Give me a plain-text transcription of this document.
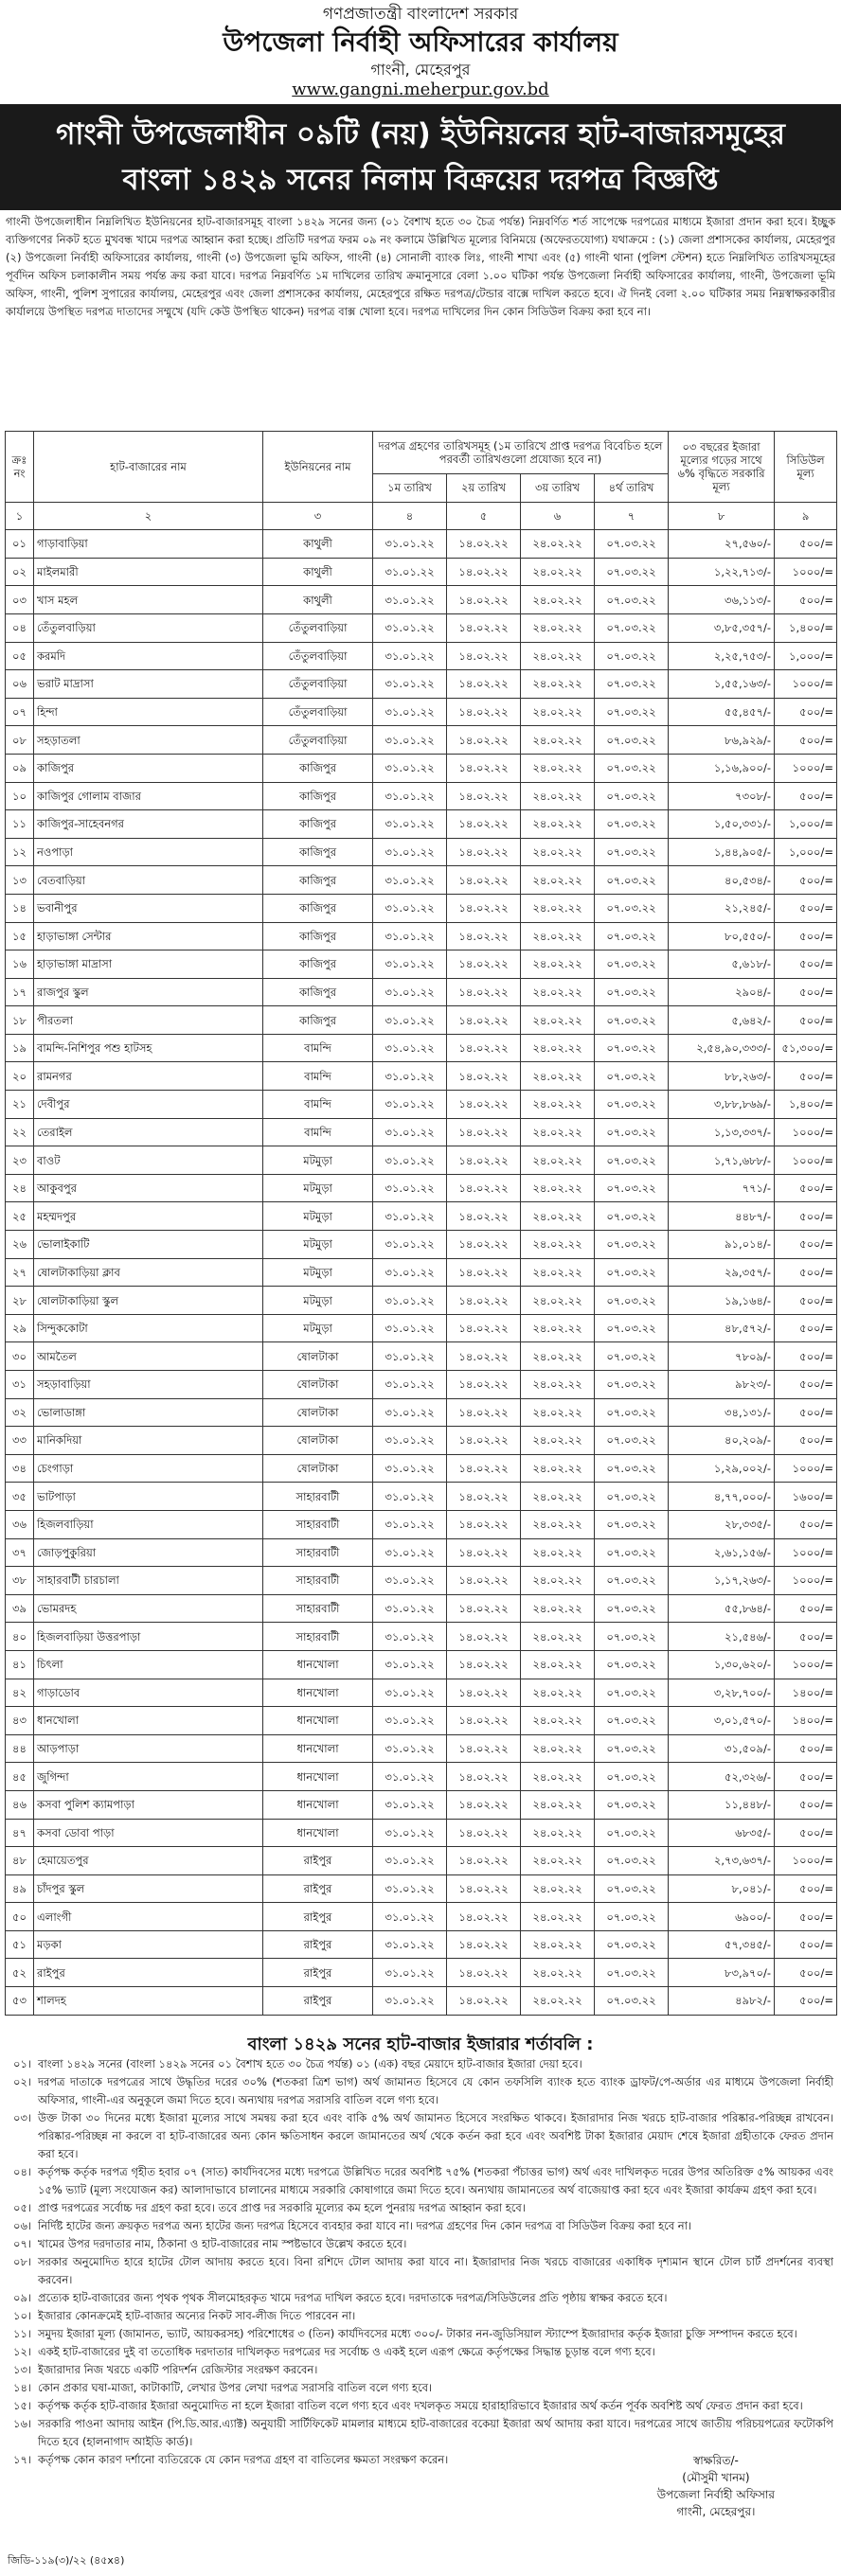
গণপ্রজাতন্ত্রী বাংলাদেশ সরকার
উপজেলা নির্বাহী অফিসারের কার্যালয়
গাংনী, মেহেরপুর
www.gangni.meherpur.gov.bd
গাংনী উপজেলাধীন ০৯টি (নয়) ইউনিয়নের হাট-বাজারসমূহের
বাংলা ১৪২৯ সনের নিলাম বিক্রয়ের দরপত্র বিজ্ঞপ্তি
গাংনী উপজেলাধীন নিম্নলিখিত ইউনিয়নের হাট-বাজারসমূহ বাংলা ১৪২৯ সনের জন্য (০১ বৈশাখ হতে ৩০ চৈত্র পর্যন্ত) নিম্নবর্ণিত শর্ত সাপেক্ষে দরপত্রের মাধ্যমে ইজারা প্রদান করা হবে। ইচ্ছুক ব্যক্তিগণের নিকট হতে মুখবন্ধ খামে দরপত্র আহ্বান করা হচ্ছে। প্রতিটি দরপত্র ফরম ০৯ নং কলামে উল্লিখিত মূল্যের বিনিময়ে (অফেরতযোগ্য) যথাক্রমে : (১) জেলা প্রশাসকের কার্যালয়, মেহেরপুর (২) উপজেলা নির্বাহী অফিসারের কার্যালয়, গাংনী (৩) উপজেলা ভূমি অফিস, গাংনী (৪) সোনালী ব্যাংক লিঃ, গাংনী শাখা এবং (৫) গাংনী থানা (পুলিশ স্টেশন) হতে নিম্নলিখিত তারিখসমূহের পূর্বদিন অফিস চলাকালীন সময় পর্যন্ত ক্রয় করা যাবে। দরপত্র নিম্নবর্ণিত ১ম দাখিলের তারিখ ক্রমানুসারে বেলা ১.০০ ঘটিকা পর্যন্ত উপজেলা নির্বাহী অফিসারের কার্যালয়, গাংনী, উপজেলা ভূমি অফিস, গাংনী, পুলিশ সুপারের কার্যালয়, মেহেরপুর এবং জেলা প্রশাসকের কার্যালয়, মেহেরপুরে রক্ষিত দরপত্র/টেন্ডার বাক্সে দাখিল করতে হবে। ঐ দিনই বেলা ২.০০ ঘটিকার সময় নিম্নস্বাক্ষরকারীর কার্যালয়ে উপস্থিত দরপত্র দাতাদের সম্মুখে (যদি কেউ উপস্থিত থাকেন) দরপত্র বাক্স খোলা হবে। দরপত্র দাখিলের দিন কোন সিডিউল বিক্রয় করা হবে না।
ক্রঃ নং	হাট-বাজারের নাম	ইউনিয়নের নাম	দরপত্র গ্রহণের তারিখসমূহ (১ম তারিখে প্রাপ্ত দরপত্র বিবেচিত হলে পরবর্তী তারিখগুলো প্রযোজ্য হবে না)				০৩ বছরের ইজারা মূল্যের গড়ের সাথে ৬% বৃদ্ধিতে সরকারি মূল্য	সিডিউল মূল্য
			১ম তারিখ	২য় তারিখ	৩য় তারিখ	৪র্থ তারিখ		
১	২	৩	৪	৫	৬	৭	৮	৯
০১	গাড়াবাড়িয়া	কাথুলী	৩১.০১.২২	১৪.০২.২২	২৪.০২.২২	০৭.০৩.২২	২৭,৫৬০/-	৫০০/=
০২	মাইলমারী	কাথুলী	৩১.০১.২২	১৪.০২.২২	২৪.০২.২২	০৭.০৩.২২	১,২২,৭১৩/-	১০০০/=
০৩	খাস মহল	কাথুলী	৩১.০১.২২	১৪.০২.২২	২৪.০২.২২	০৭.০৩.২২	৩৬,১১৩/-	৫০০/=
০৪	তেঁতুলবাড়িয়া	তেঁতুলবাড়িয়া	৩১.০১.২২	১৪.০২.২২	২৪.০২.২২	০৭.০৩.২২	৩,৮৫,৩৫৭/-	১,৪০০/=
০৫	করমদি	তেঁতুলবাড়িয়া	৩১.০১.২২	১৪.০২.২২	২৪.০২.২২	০৭.০৩.২২	২,২৫,৭৫৩/-	১,০০০/=
০৬	ভরাট মাদ্রাসা	তেঁতুলবাড়িয়া	৩১.০১.২২	১৪.০২.২২	২৪.০২.২২	০৭.০৩.২২	১,৫৫,১৬৩/-	১০০০/=
০৭	হিন্দা	তেঁতুলবাড়িয়া	৩১.০১.২২	১৪.০২.২২	২৪.০২.২২	০৭.০৩.২২	৫৫,৪৫৭/-	৫০০/=
০৮	সহড়াতলা	তেঁতুলবাড়িয়া	৩১.০১.২২	১৪.০২.২২	২৪.০২.২২	০৭.০৩.২২	৮৬,৯২৯/-	৫০০/=
০৯	কাজিপুর	কাজিপুর	৩১.০১.২২	১৪.০২.২২	২৪.০২.২২	০৭.০৩.২২	১,১৬,৯০০/-	১০০০/=
১০	কাজিপুর গোলাম বাজার	কাজিপুর	৩১.০১.২২	১৪.০২.২২	২৪.০২.২২	০৭.০৩.২২	৭৩০৮/-	৫০০/=
১১	কাজিপুর-সাহেবনগর	কাজিপুর	৩১.০১.২২	১৪.০২.২২	২৪.০২.২২	০৭.০৩.২২	১,৫০,৩৩১/-	১,০০০/=
১২	নওপাড়া	কাজিপুর	৩১.০১.২২	১৪.০২.২২	২৪.০২.২২	০৭.০৩.২২	১,৪৪,৯০৫/-	১,০০০/=
১৩	বেতবাড়িয়া	কাজিপুর	৩১.০১.২২	১৪.০২.২২	২৪.০২.২২	০৭.০৩.২২	৪০,৫৩৪/-	৫০০/=
১৪	ভবানীপুর	কাজিপুর	৩১.০১.২২	১৪.০২.২২	২৪.০২.২২	০৭.০৩.২২	২১,২৪৫/-	৫০০/=
১৫	হাড়াভাঙ্গা সেন্টার	কাজিপুর	৩১.০১.২২	১৪.০২.২২	২৪.০২.২২	০৭.০৩.২২	৮০,৫৫০/-	৫০০/=
১৬	হাড়াভাঙ্গা মাদ্রাসা	কাজিপুর	৩১.০১.২২	১৪.০২.২২	২৪.০২.২২	০৭.০৩.২২	৫,৬১৮/-	৫০০/=
১৭	রাজপুর স্কুল	কাজিপুর	৩১.০১.২২	১৪.০২.২২	২৪.০২.২২	০৭.০৩.২২	২৯০৪/-	৫০০/=
১৮	পীরতলা	কাজিপুর	৩১.০১.২২	১৪.০২.২২	২৪.০২.২২	০৭.০৩.২২	৫,৬৪২/-	৫০০/=
১৯	বামন্দি-নিশিপুর পশু হাটসহ	বামন্দি	৩১.০১.২২	১৪.০২.২২	২৪.০২.২২	০৭.০৩.২২	২,৫৪,৯০,৩৩৩/-	৫১,৩০০/=
২০	রামনগর	বামন্দি	৩১.০১.২২	১৪.০২.২২	২৪.০২.২২	০৭.০৩.২২	৮৮,২৬৩/-	৫০০/=
২১	দেবীপুর	বামন্দি	৩১.০১.২২	১৪.০২.২২	২৪.০২.২২	০৭.০৩.২২	৩,৮৮,৮৬৯/-	১,৪০০/=
২২	তেরাইল	বামন্দি	৩১.০১.২২	১৪.০২.২২	২৪.০২.২২	০৭.০৩.২২	১,১৩,৩৩৭/-	১০০০/=
২৩	বাওট	মটমুড়া	৩১.০১.২২	১৪.০২.২২	২৪.০২.২২	০৭.০৩.২২	১,৭১,৬৮৮/-	১০০০/=
২৪	আকুবপুর	মটমুড়া	৩১.০১.২২	১৪.০২.২২	২৪.০২.২২	০৭.০৩.২২	৭৭১/-	৫০০/=
২৫	মহম্মদপুর	মটমুড়া	৩১.০১.২২	১৪.০২.২২	২৪.০২.২২	০৭.০৩.২২	৪৪৮৭/-	৫০০/=
২৬	ভোলাইকাটি	মটমুড়া	৩১.০১.২২	১৪.০২.২২	২৪.০২.২২	০৭.০৩.২২	৯১,০১৪/-	৫০০/=
২৭	ষোলটাকাড়িয়া ক্লাব	মটমুড়া	৩১.০১.২২	১৪.০২.২২	২৪.০২.২২	০৭.০৩.২২	২৯,৩৫৭/-	৫০০/=
২৮	ষোলটাকাড়িয়া স্কুল	মটমুড়া	৩১.০১.২২	১৪.০২.২২	২৪.০২.২২	০৭.০৩.২২	১৯,১৬৪/-	৫০০/=
২৯	সিন্দুককোটা	মটমুড়া	৩১.০১.২২	১৪.০২.২২	২৪.০২.২২	০৭.০৩.২২	৪৮,৫৭২/-	৫০০/=
৩০	আমতৈল	ষোলটাকা	৩১.০১.২২	১৪.০২.২২	২৪.০২.২২	০৭.০৩.২২	৭৮০৯/-	৫০০/=
৩১	সহড়াবাড়িয়া	ষোলটাকা	৩১.০১.২২	১৪.০২.২২	২৪.০২.২২	০৭.০৩.২২	৯৮২৩/-	৫০০/=
৩২	ভোলাডাঙ্গা	ষোলটাকা	৩১.০১.২২	১৪.০২.২২	২৪.০২.২২	০৭.০৩.২২	৩৪,১৩১/-	৫০০/=
৩৩	মানিকদিয়া	ষোলটাকা	৩১.০১.২২	১৪.০২.২২	২৪.০২.২২	০৭.০৩.২২	৪০,২০৯/-	৫০০/=
৩৪	চেংগাড়া	ষোলটাকা	৩১.০১.২২	১৪.০২.২২	২৪.০২.২২	০৭.০৩.২২	১,২৯,০০২/-	১০০০/=
৩৫	ভাটপাড়া	সাহারবাটী	৩১.০১.২২	১৪.০২.২২	২৪.০২.২২	০৭.০৩.২২	৪,৭৭,০০০/-	১৬০০/=
৩৬	হিজলবাড়িয়া	সাহারবাটী	৩১.০১.২২	১৪.০২.২২	২৪.০২.২২	০৭.০৩.২২	২৮,৩৩৫/-	৫০০/=
৩৭	জোড়পুকুরিয়া	সাহারবাটী	৩১.০১.২২	১৪.০২.২২	২৪.০২.২২	০৭.০৩.২২	২,৬১,১৫৬/-	১০০০/=
৩৮	সাহারবাটী চারচালা	সাহারবাটী	৩১.০১.২২	১৪.০২.২২	২৪.০২.২২	০৭.০৩.২২	১,১৭,২৬৩/-	১০০০/=
৩৯	ভোমরদহ	সাহারবাটী	৩১.০১.২২	১৪.০২.২২	২৪.০২.২২	০৭.০৩.২২	৫৫,৮৬৪/-	৫০০/=
৪০	হিজলবাড়িয়া উত্তরপাড়া	সাহারবাটী	৩১.০১.২২	১৪.০২.২২	২৪.০২.২২	০৭.০৩.২২	২১,৫৪৬/-	৫০০/=
৪১	চিৎলা	ধানখোলা	৩১.০১.২২	১৪.০২.২২	২৪.০২.২২	০৭.০৩.২২	১,৩০,৬২০/-	১০০০/=
৪২	গাড়াডোব	ধানখোলা	৩১.০১.২২	১৪.০২.২২	২৪.০২.২২	০৭.০৩.২২	৩,২৮,৭০০/-	১৪০০/=
৪৩	ধানখোলা	ধানখোলা	৩১.০১.২২	১৪.০২.২২	২৪.০২.২২	০৭.০৩.২২	৩,০১,৫৭০/-	১৪০০/=
৪৪	আড়পাড়া	ধানখোলা	৩১.০১.২২	১৪.০২.২২	২৪.০২.২২	০৭.০৩.২২	৩১,৫০৯/-	৫০০/=
৪৫	জুগিন্দা	ধানখোলা	৩১.০১.২২	১৪.০২.২২	২৪.০২.২২	০৭.০৩.২২	৫২,৩২৬/-	৫০০/=
৪৬	কসবা পুলিশ ক্যামপাড়া	ধানখোলা	৩১.০১.২২	১৪.০২.২২	২৪.০২.২২	০৭.০৩.২২	১১,৪৪৮/-	৫০০/=
৪৭	কসবা ডোবা পাড়া	ধানখোলা	৩১.০১.২২	১৪.০২.২২	২৪.০২.২২	০৭.০৩.২২	৬৮৩৫/-	৫০০/=
৪৮	হেমায়েতপুর	রাইপুর	৩১.০১.২২	১৪.০২.২২	২৪.০২.২২	০৭.০৩.২২	২,৭৩,৬৩৭/-	১০০০/=
৪৯	চাঁদপুর স্কুল	রাইপুর	৩১.০১.২২	১৪.০২.২২	২৪.০২.২২	০৭.০৩.২২	৮,০৪১/-	৫০০/=
৫০	এলাংগী	রাইপুর	৩১.০১.২২	১৪.০২.২২	২৪.০২.২২	০৭.০৩.২২	৬৯০০/-	৫০০/=
৫১	মড়কা	রাইপুর	৩১.০১.২২	১৪.০২.২২	২৪.০২.২২	০৭.০৩.২২	৫৭,৩৪৫/-	৫০০/=
৫২	রাইপুর	রাইপুর	৩১.০১.২২	১৪.০২.২২	২৪.০২.২২	০৭.০৩.২২	৮৩,৯৭০/-	৫০০/=
৫৩	শালদহ	রাইপুর	৩১.০১.২২	১৪.০২.২২	২৪.০২.২২	০৭.০৩.২২	৪৯৮২/-	৫০০/=
বাংলা ১৪২৯ সনের হাট-বাজার ইজারার শর্তাবলি :
০১। বাংলা ১৪২৯ সনের (বাংলা ১৪২৯ সনের ০১ বৈশাখ হতে ৩০ চৈত্র পর্যন্ত) ০১ (এক) বছর মেয়াদে হাট-বাজার ইজারা দেয়া হবে।
০২। দরপত্র দাতাকে দরপত্রের সাথে উদ্ধৃতির দরের ৩০% (শতকরা ত্রিশ ভাগ) অর্থ জামানত হিসেবে যে কোন তফসিলি ব্যাংক হতে ব্যাংক ড্রাফট/পে-অর্ডার এর মাধ্যমে উপজেলা নির্বাহী অফিসার, গাংনী-এর অনুকূলে জমা দিতে হবে। অন্যথায় দরপত্র সরাসরি বাতিল বলে গণ্য হবে।
০৩। উক্ত টাকা ৩০ দিনের মধ্যে ইজারা মূল্যের সাথে সমন্বয় করা হবে এবং বাকি ৫% অর্থ জামানত হিসেবে সংরক্ষিত থাকবে। ইজারাদার নিজ খরচে হাট-বাজার পরিষ্কার-পরিচ্ছন্ন রাখবেন। পরিষ্কার-পরিচ্ছন্ন না করলে বা হাট-বাজারের অন্য কোন ক্ষতিসাধন করলে জামানতের অর্থ থেকে কর্তন করা হবে এবং অবশিষ্ট টাকা ইজারার মেয়াদ শেষে ইজারা গ্রহীতাকে ফেরত প্রদান করা হবে।
০৪। কর্তৃপক্ষ কর্তৃক দরপত্র গৃহীত হবার ০৭ (সাত) কার্যদিবসের মধ্যে দরপত্রে উল্লিখিত দরের অবশিষ্ট ৭৫% (শতকরা পঁচাত্তর ভাগ) অর্থ এবং দাখিলকৃত দরের উপর অতিরিক্ত ৫% আয়কর এবং ১৫% ভ্যাট (মূল্য সংযোজন কর) আলাদাভাবে চালানের মাধ্যমে সরকারি কোষাগারে জমা দিতে হবে। অন্যথায় জামানতের অর্থ বাজেয়াপ্ত করা হবে এবং ইজারা কার্যক্রম গ্রহণ করা হবে।
০৫। প্রাপ্ত দরপত্রের সর্বোচ্চ দর গ্রহণ করা হবে। তবে প্রাপ্ত দর সরকারি মূল্যের কম হলে পুনরায় দরপত্র আহ্বান করা হবে।
০৬। নির্দিষ্ট হাটের জন্য ক্রয়কৃত দরপত্র অন্য হাটের জন্য দরপত্র হিসেবে ব্যবহার করা যাবে না। দরপত্র গ্রহণের দিন কোন দরপত্র বা সিডিউল বিক্রয় করা হবে না।
০৭। খামের উপর দরদাতার নাম, ঠিকানা ও হাট-বাজারের নাম স্পষ্টভাবে উল্লেখ করতে হবে।
০৮। সরকার অনুমোদিত হারে হাটের টোল আদায় করতে হবে। বিনা রশিদে টোল আদায় করা যাবে না। ইজারাদার নিজ খরচে বাজারের একাধিক দৃশ্যমান স্থানে টোল চার্ট প্রদর্শনের ব্যবস্থা করবেন।
০৯। প্রত্যেক হাট-বাজারের জন্য পৃথক পৃথক সীলমোহরকৃত খামে দরপত্র দাখিল করতে হবে। দরদাতাকে দরপত্র/সিডিউলের প্রতি পৃষ্ঠায় স্বাক্ষর করতে হবে।
১০। ইজারার কোনক্রমেই হাট-বাজার অন্যের নিকট সাব-লীজ দিতে পারবেন না।
১১। সমুদয় ইজারা মূল্য (জামানত, ভ্যাট, আয়করসহ) পরিশোধের ৩ (তিন) কার্যদিবসের মধ্যে ৩০০/- টাকার নন-জুডিসিয়াল স্ট্যাম্পে ইজারাদার কর্তৃক ইজারা চুক্তি সম্পাদন করতে হবে।
১২। একই হাট-বাজারের দুই বা ততোধিক দরদাতার দাখিলকৃত দরপত্রের দর সর্বোচ্চ ও একই হলে এরূপ ক্ষেত্রে কর্তৃপক্ষের সিদ্ধান্ত চূড়ান্ত বলে গণ্য হবে।
১৩। ইজারাদার নিজ খরচে একটি পরিদর্শন রেজিস্টার সংরক্ষণ করবেন।
১৪। কোন প্রকার ঘষা-মাজা, কাটাকাটি, লেখার উপর লেখা দরপত্র সরাসরি বাতিল বলে গণ্য হবে।
১৫। কর্তৃপক্ষ কর্তৃক হাট-বাজার ইজারা অনুমোদিত না হলে ইজারা বাতিল বলে গণ্য হবে এবং দখলকৃত সময়ে হারাহারিভাবে ইজারার অর্থ কর্তন পূর্বক অবশিষ্ট অর্থ ফেরত প্রদান করা হবে।
১৬। সরকারি পাওনা আদায় আইন (পি.ডি.আর.এ্যাক্ট) অনুযায়ী সার্টিফিকেট মামলার মাধ্যমে হাট-বাজারের বকেয়া ইজারা অর্থ আদায় করা যাবে। দরপত্রের সাথে জাতীয় পরিচয়পত্রের ফটোকপি দিতে হবে (হালনাগাদ আইডি কার্ড)।
১৭। কর্তৃপক্ষ কোন কারণ দর্শানো ব্যতিরেকে যে কোন দরপত্র গ্রহণ বা বাতিলের ক্ষমতা সংরক্ষণ করেন।	স্বাক্ষরিত/-
(মৌসুমী খানম)
উপজেলা নির্বাহী অফিসার
গাংনী, মেহেরপুর।
জিডি-১১৯(৩)/২২ (৪৫x৪)
